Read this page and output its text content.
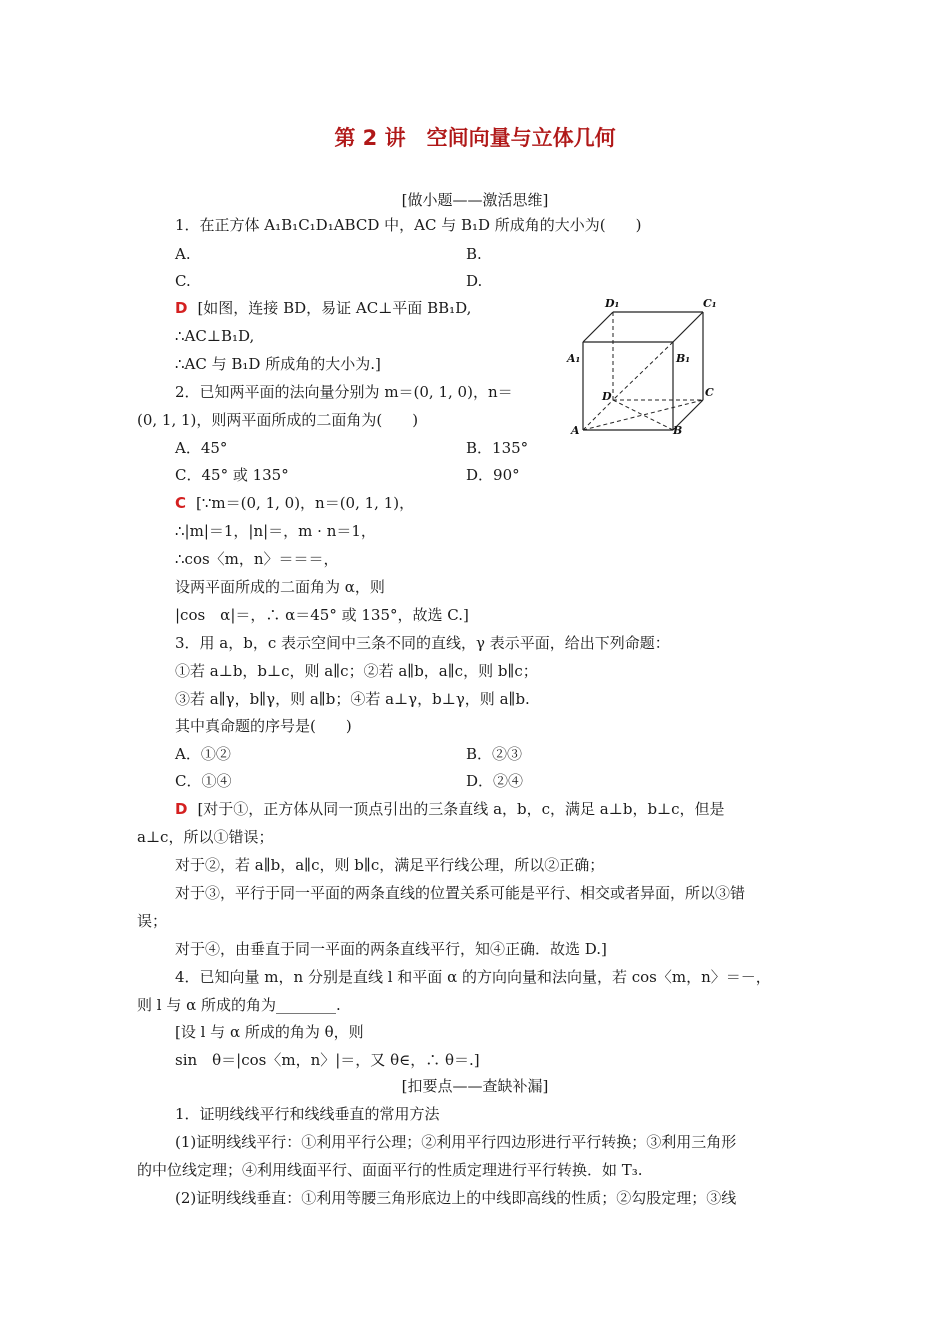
第 2 讲　空间向量与立体几何
[做小题——激活思维]
1．在正方体 A₁B₁C₁D₁ABCD 中，AC 与 B₁D 所成角的大小为(　　)
A.	B.
C.	D.
D [如图，连接 BD，易证 AC⊥平面 BB₁D,
∴AC⊥B₁D,
∴AC 与 B₁D 所成角的大小为.]
D₁	C₁
A₁	B₁
D	C
A	B
2．已知两平面的法向量分别为 m＝(0, 1, 0)，n＝
(0, 1, 1)，则两平面所成的二面角为(　　)
A．45°	B．135°
C．45° 或 135°	D．90°
C [∵m＝(0, 1, 0)，n＝(0, 1, 1)，
∴|m|＝1，|n|＝，m · n＝1，
∴cos〈m，n〉＝＝＝，
设两平面所成的二面角为 α，则
|cos　α|＝，∴ α＝45° 或 135°，故选 C.]
3．用 a，b，c 表示空间中三条不同的直线，γ 表示平面，给出下列命题：
①若 a⊥b，b⊥c，则 a∥c；②若 a∥b，a∥c，则 b∥c；
③若 a∥γ，b∥γ，则 a∥b；④若 a⊥γ，b⊥γ，则 a∥b.
其中真命题的序号是(　　)
A．①②	B．②③
C．①④	D．②④
D [对于①，正方体从同一顶点引出的三条直线 a，b，c，满足 a⊥b，b⊥c，但是
a⊥c，所以①错误；
对于②，若 a∥b，a∥c，则 b∥c，满足平行线公理，所以②正确；
对于③，平行于同一平面的两条直线的位置关系可能是平行、相交或者异面，所以③错
误；
对于④，由垂直于同一平面的两条直线平行，知④正确．故选 D.]
4．已知向量 m，n 分别是直线 l 和平面 α 的方向向量和法向量，若 cos〈m，n〉＝－，
则 l 与 α 所成的角为________.
[设 l 与 α 所成的角为 θ，则
sin　θ＝|cos〈m，n〉|＝，又 θ∈，∴ θ＝.]
[扣要点——查缺补漏]
1．证明线线平行和线线垂直的常用方法
(1)证明线线平行：①利用平行公理；②利用平行四边形进行平行转换；③利用三角形
的中位线定理；④利用线面平行、面面平行的性质定理进行平行转换．如 T₃.
(2)证明线线垂直：①利用等腰三角形底边上的中线即高线的性质；②勾股定理；③线
